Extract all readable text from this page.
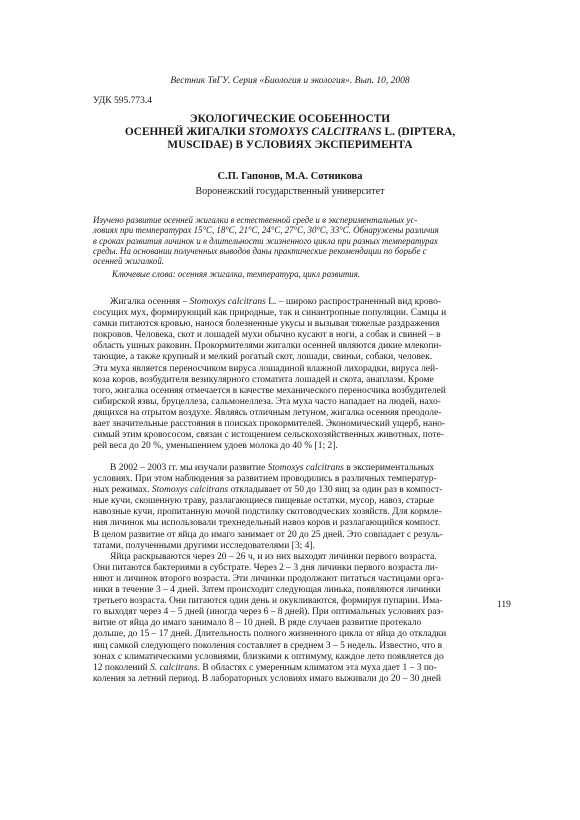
Вестник ТвГУ. Серия «Биология и экология». Вып. 10, 2008
УДК 595.773.4
ЭКОЛОГИЧЕСКИЕ ОСОБЕННОСТИ
ОСЕННЕЙ ЖИГАЛКИ STOMOXYS CALCITRANS L. (DIPTERA,
MUSCIDAE) В УСЛОВИЯХ ЭКСПЕРИМЕНТА
С.П. Гапонов, М.А. Сотникова
Воронежский государственный университет
Изучено развитие осенней жигалки в естественной среде и в экспериментальных ус-
ловиях при температурах 15°С, 18°С, 21°С, 24°С, 27°С, 30°С, 33°С. Обнаружены различия
в сроках развития личинок и в длительности жизненного цикла при разных температурах
среды. На основании полученных выводов даны практические рекомендации по борьбе с
осенней жигалкой.
Ключевые слова: осенняя жигалка, температура, цикл развития.
Жигалка осенняя – Stomoxys calcitrans L. – широко распространенный вид крово-
сосущих мух, формирующий как природные, так и синантропные популяции. Самцы и
самки питаются кровью, нанося болезненные укусы и вызывая тяжелые раздражения
покровов. Человека, скот и лошадей мухи обычно кусают в ноги, а собак и свиней – в
область ушных раковин. Прокормителями жигалки осенней являются дикие млекопи-
тающие, а также крупный и мелкий рогатый скот, лошади, свиньи, собаки, человек.
Эта муха является переносчиком вируса лошадиной влажной лихорадки, вируса лей-
коза коров, возбудителя везикулярного стоматита лошадей и скота, анаплазм. Кроме
того, жигалка осенняя отмечается в качестве механического переносчика возбудителей
сибирской язвы, бруцеллеза, сальмонеллеза. Эта муха часто нападает на людей, нахо-
дящихся на отрытом воздухе. Являясь отличным летуном, жигалка осенняя преодоле-
вает значительные расстояния в поисках прокормителей. Экономический ущерб, нано-
симый этим кровососом, связан с истощением сельскохозяйственных животных, поте-
рей веса до 20 %, уменьшением удоев молока до 40 % [1; 2].
В 2002 – 2003 гг. мы изучали развитие Stomoxys calcitrans в экспериментальных
условиях. При этом наблюдения за развитием проводились в различных температур-
ных режимах. Stomoxys calcitrans откладывает от 50 до 130 яиц за один раз в компост-
ные кучи, скошенную траву, разлагающиеся пищевые остатки, мусор, навоз, старые
навозные кучи, пропитанную мочой подстилку скотоводческих хозяйств. Для кормле-
ния личинок мы использовали трехнедельный навоз коров и разлагающийся компост.
В целом развитие от яйца до имаго занимает от 20 до 25 дней. Это совпадает с резуль-
татами, полученными другими исследователями [3; 4].
Яйца раскрываются через 20 – 26 ч, и из них выходят личинки первого возраста.
Они питаются бактериями в субстрате. Через 2 – 3 дня личинки первого возраста ли-
няют и личинок второго возраста. Эти личинки продолжают питаться частицами орга-
ники в течение 3 – 4 дней. Затем происходит следующая линька, появляются личинки
третьего возраста. Они питаются один день и окукливаются, формируя пупарии. Има-
го выходят через 4 – 5 дней (иногда через 6 – 8 дней). При оптимальных условиях раз-
витие от яйца до имаго занимало 8 – 10 дней. В ряде случаев развитие протекало
дольше, до 15 – 17 дней. Длительность полного жизненного цикла от яйца до откладки
яиц самкой следующего поколения составляет в среднем 3 – 5 недель. Известно, что в
зонах с климатическими условиями, близкими к оптимуму, каждое лето появляется до
12 поколений S. calcitrans. В областях с умеренным климатом эта муха дает 1 – 3 по-
коления за летний период. В лабораторных условиях имаго выживали до 20 – 30 дней
119
